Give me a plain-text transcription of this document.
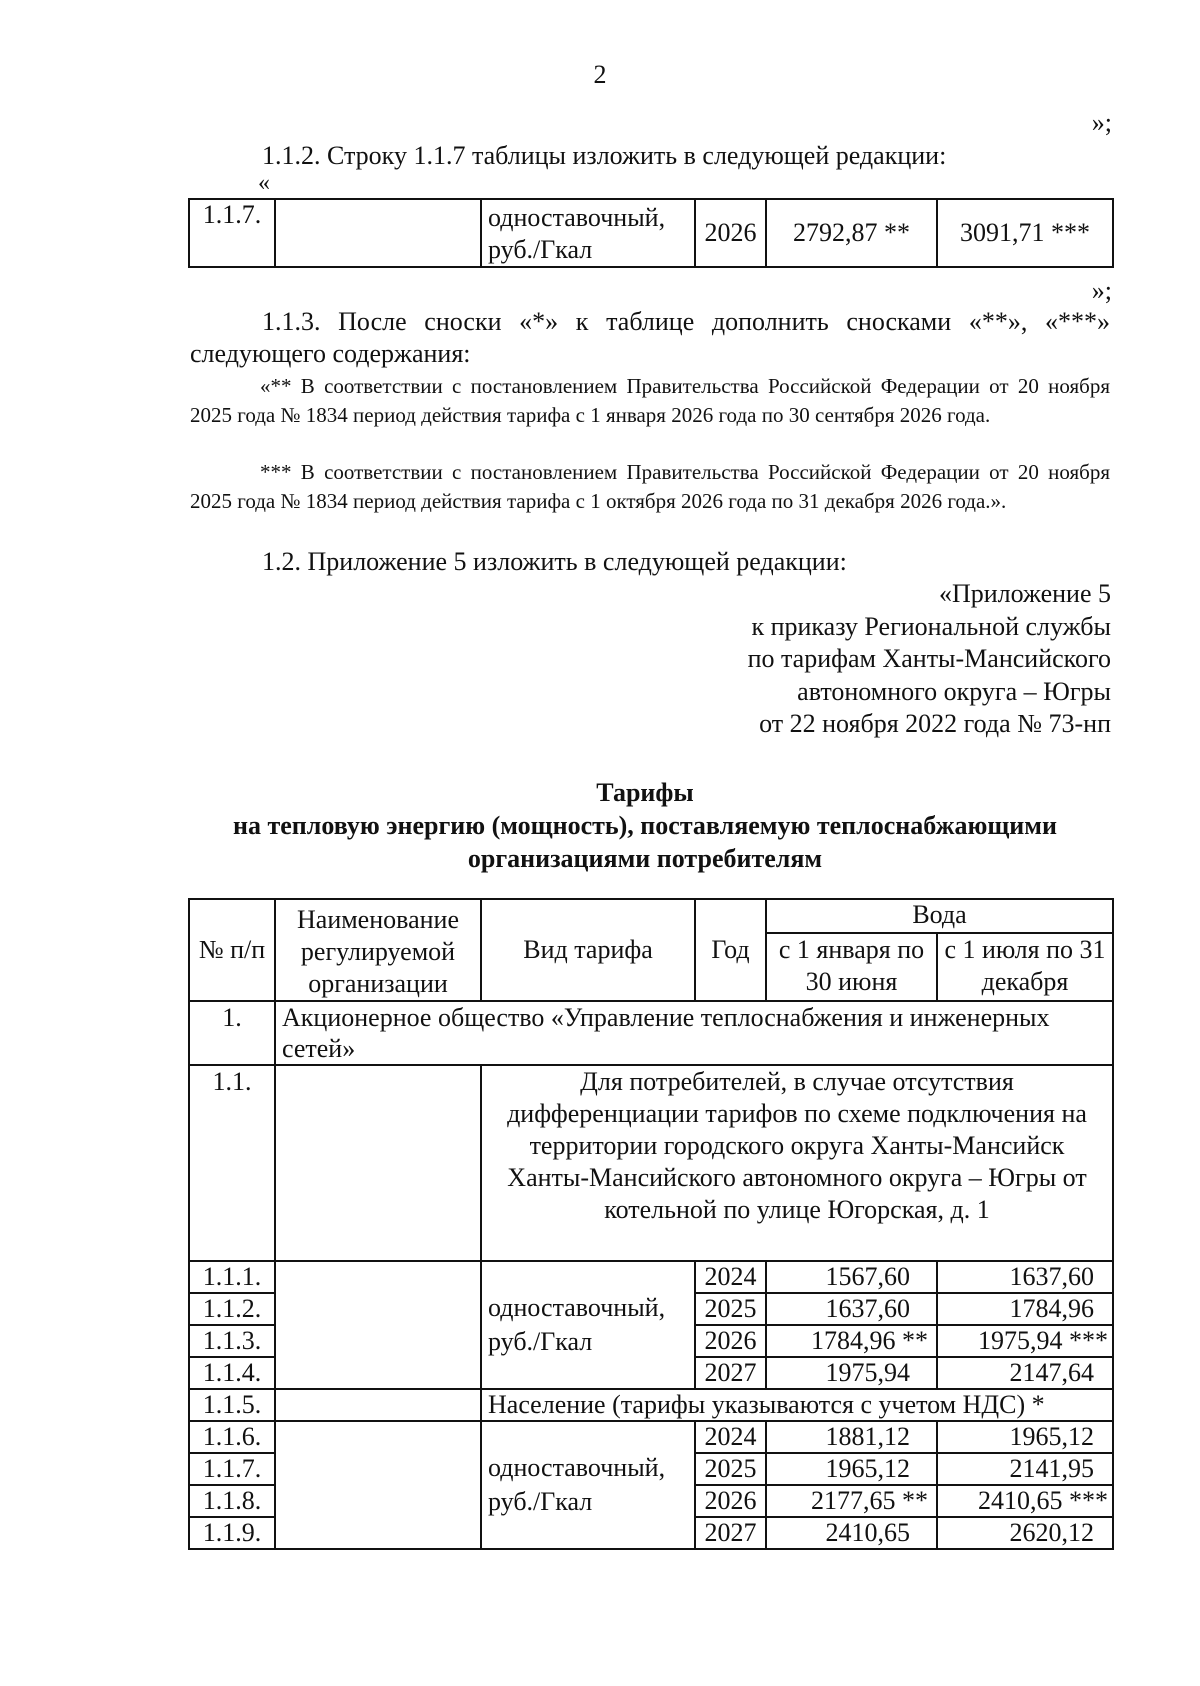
2
»;
1.1.2. Строку 1.1.7 таблицы изложить в следующей редакции:
«
1.1.7.		одноставочный, руб./Гкал	2026	2792,87 **	3091,71 ***
»;
1.1.3. После сноски «*» к таблице дополнить сносками «**», «***» следующего содержания:
«** В соответствии с постановлением Правительства Российской Федерации от 20 ноября 2025 года № 1834 период действия тарифа с 1 января 2026 года по 30 сентября 2026 года.
*** В соответствии с постановлением Правительства Российской Федерации от 20 ноября 2025 года № 1834 период действия тарифа с 1 октября 2026 года по 31 декабря 2026 года.».
1.2. Приложение 5 изложить в следующей редакции:
«Приложение 5
к приказу Региональной службы
по тарифам Ханты-Мансийского
автономного округа – Югры
от 22 ноября 2022 года № 73-нп
Тарифы
на тепловую энергию (мощность), поставляемую теплоснабжающими
организациями потребителям
№ п/п	Наименование регулируемой организации	Вид тарифа	Год	Вода	
				с 1 января по 30 июня	с 1 июля по 31 декабря
1.	Акционерное общество «Управление теплоснабжения и инженерных сетей»				
1.1.		Для потребителей, в случае отсутствия дифференциации тарифов по схеме подключения на территории городского округа Ханты-Мансийск Ханты-Мансийского автономного округа – Югры от котельной по улице Югорская, д. 1			
1.1.1.		одноставочный, руб./Гкал	2024	1567,60	1637,60
1.1.2.			2025	1637,60	1784,96
1.1.3.			2026	1784,96 **	1975,94 ***
1.1.4.			2027	1975,94	2147,64
1.1.5.		Население (тарифы указываются с учетом НДС) *			
1.1.6.		одноставочный, руб./Гкал	2024	1881,12	1965,12
1.1.7.			2025	1965,12	2141,95
1.1.8.			2026	2177,65 **	2410,65 ***
1.1.9.			2027	2410,65	2620,12
